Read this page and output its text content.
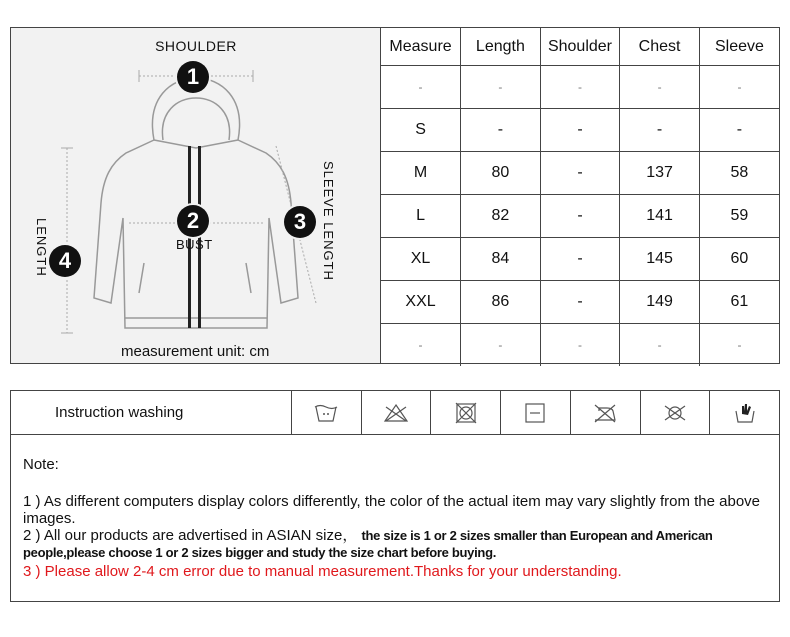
SHOULDER
1
2	3
4
BUST
LENGTH	SLEEVE LENGTH
measurement unit: cm
Measure	Length	Shoulder	Chest	Sleeve
-	-	-	-	-
S	-	-	-	-
M	80	-	137	58
L	82	-	141	59
XL	84	-	145	60
XXL	86	-	149	61
-	-	-	-	-
Instruction washing							

Note:

1 ) As different computers display colors differently, the color of the actual item may vary slightly from the above images.

2 ) All our products are advertised in ASIAN size， the size is 1 or 2 sizes smaller than European and American people,please choose 1 or 2 sizes bigger and study the size chart before buying.

3 ) Please allow 2-4 cm error due to manual measurement.Thanks for your understanding.
